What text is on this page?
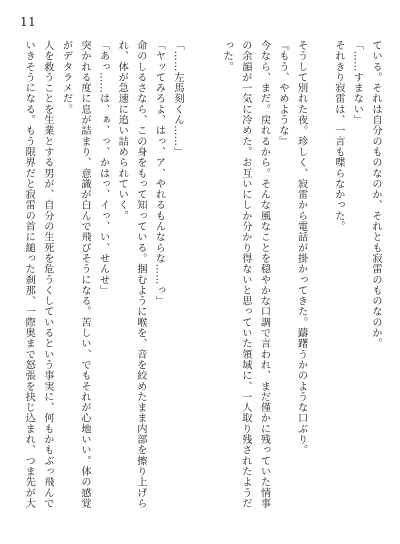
11

ている。それは自分のものなのか、それとも寂雷のものなのか。

「……すまない」

それきり寂雷は、一言も喋らなかった。

そうして別れた夜。珍しく、寂雷から電話が掛かってきた。躊躇うかのような口ぶり。

『もう、やめような』

今なら、まだ。戻れるから。そんな風なことを穏やかな口調で言われ、まだ僅かに残っていた情事の余韻が一気に冷めた。お互いにしか分かり得ないと思っていた領域に、一人取り残されたようだった。

「……左馬刻くん……」

「ヤッてみろよ、はっ、ア、やれるもんならな……っ」

命のしるさなら、この身をもって知っている。掴むように喉を、音を絞めたまま内部を擦り上げられ、体が急速に追い詰められていく。

「あっ……は、ぁ、っ、かはっ、イっ、い、せんせ」

突かれる度に息が詰まり、意識が白んで飛びそうになる。苦しい、でもそれが心地いい。体の感覚がデタラメだ。

人を救うことを生業とする男が、自分の生死を危うくしているという事実に、何もかもぶっ飛んでいきそうになる。もう限界だと寂雷の首に縋った刹那、一際奥まで怒張を抉じ込まれ、つま先が大
